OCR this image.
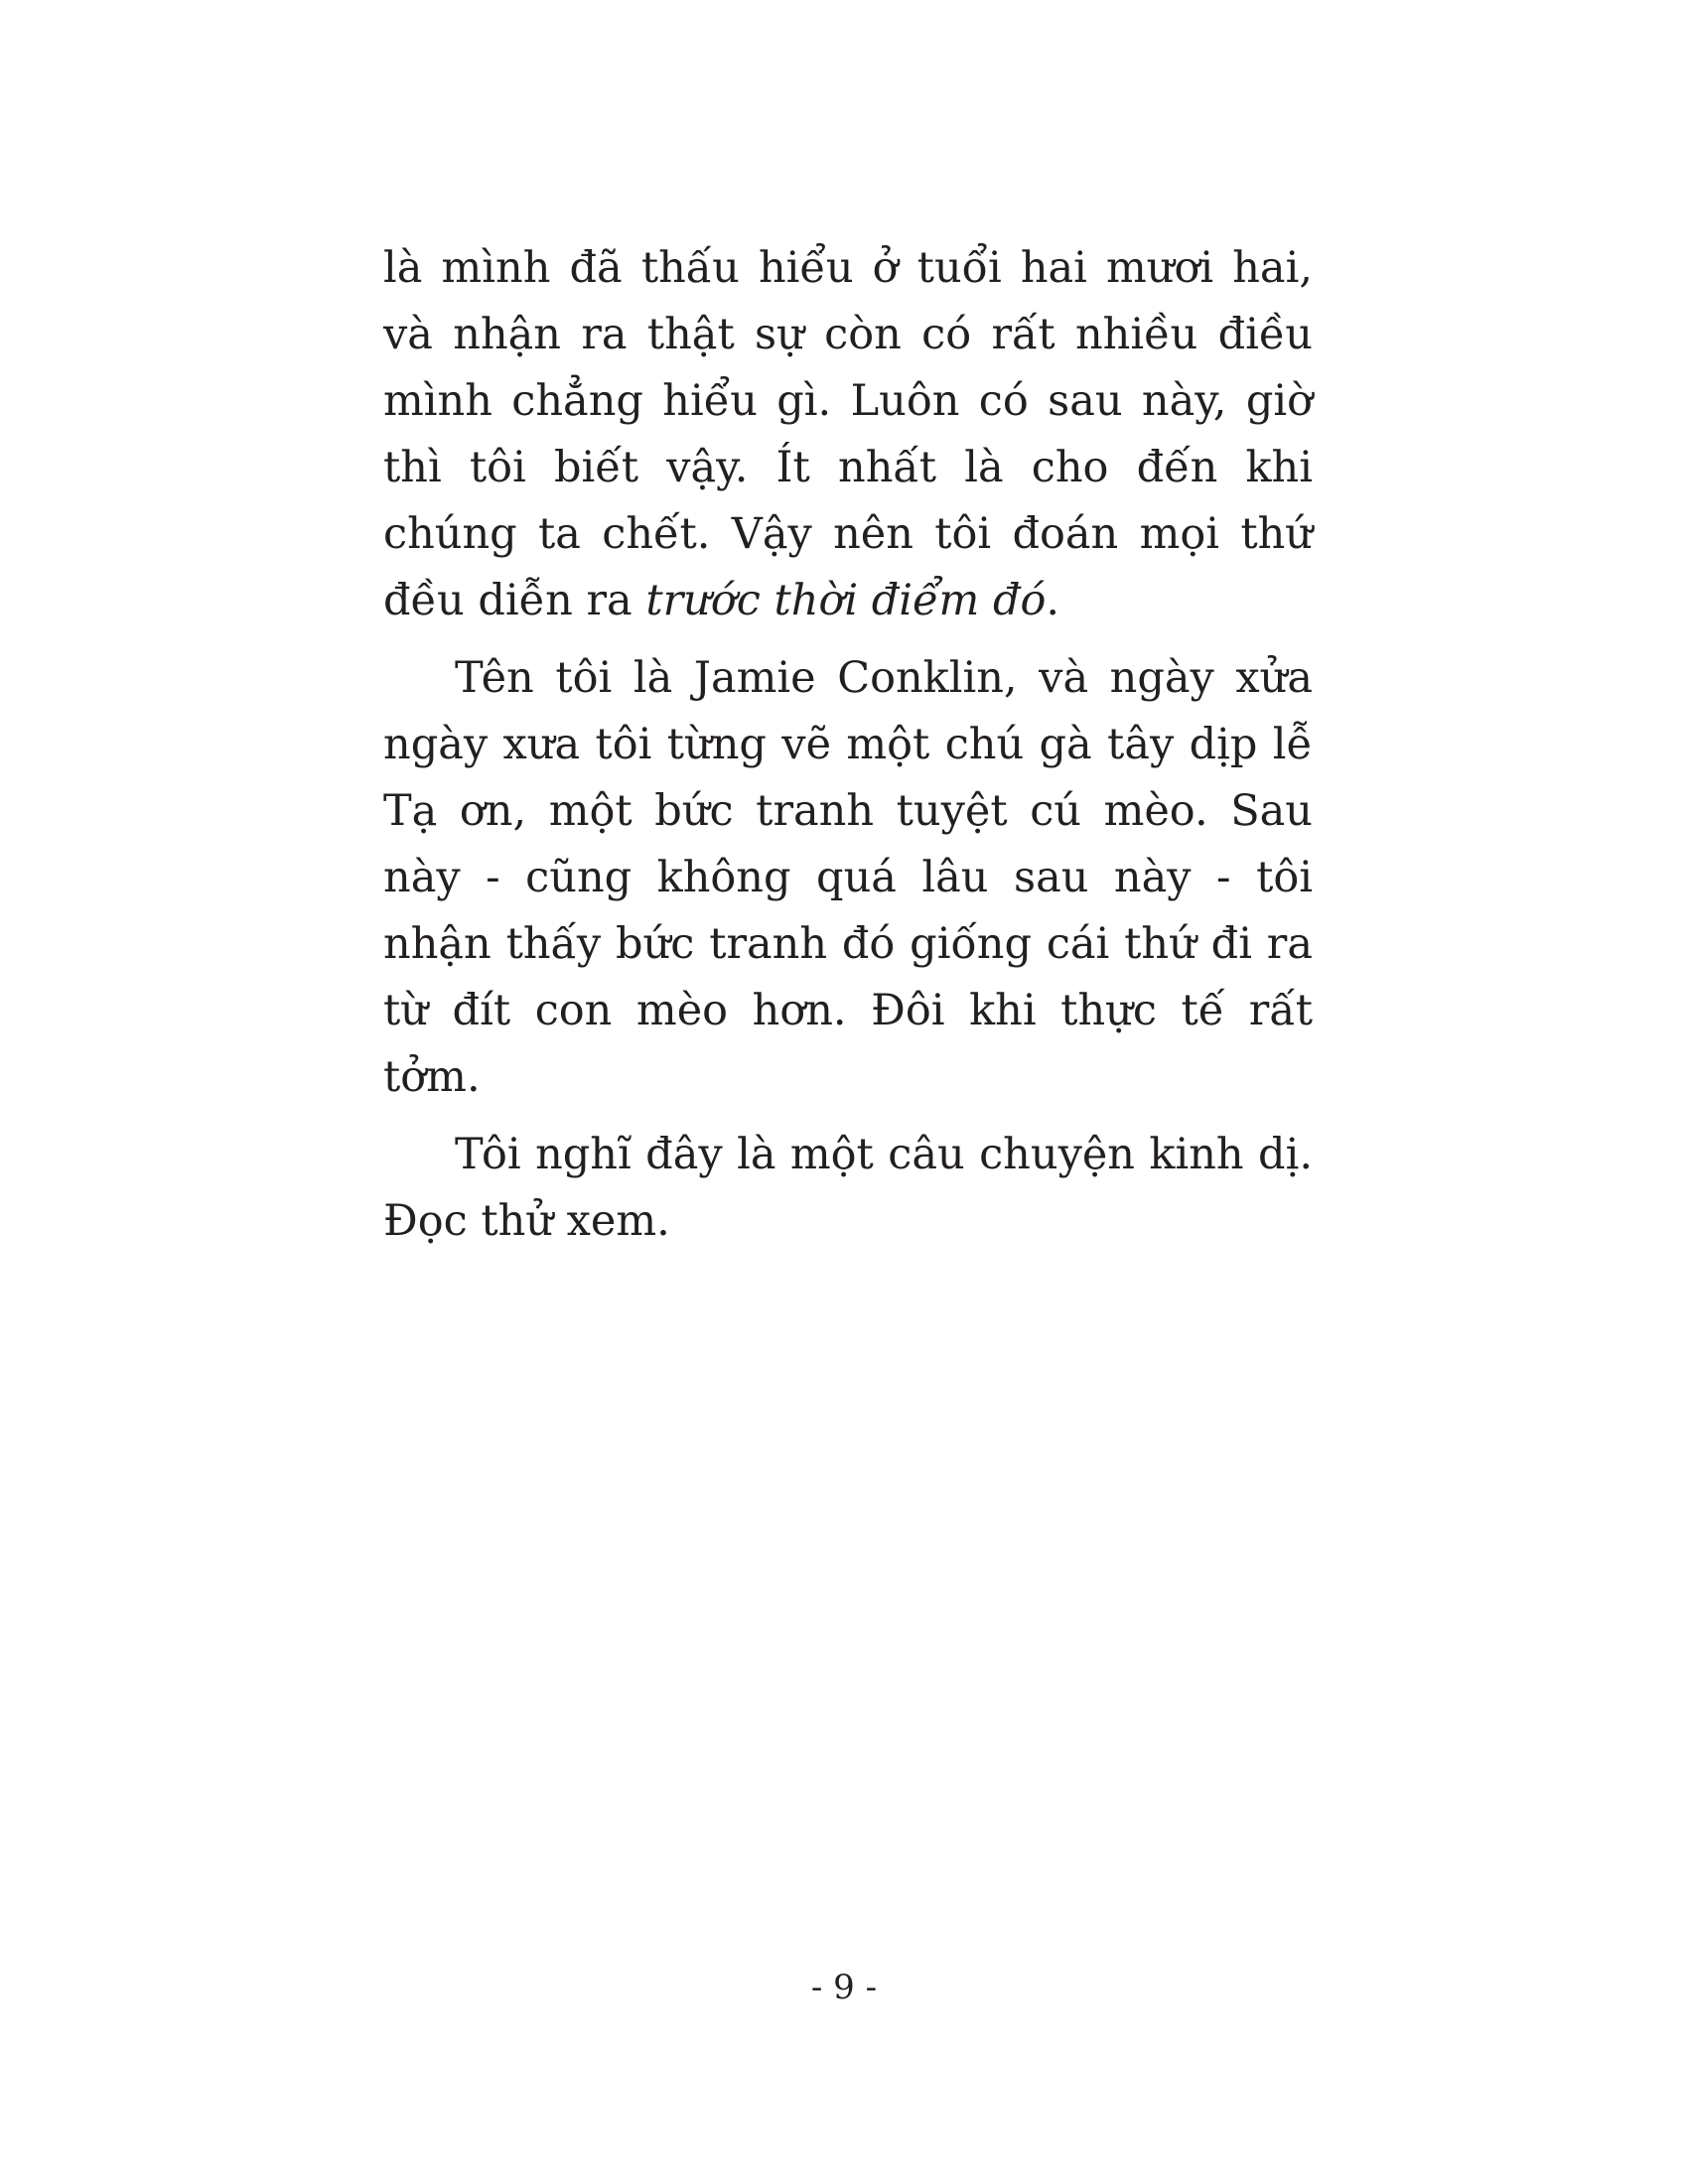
là mình đã thấu hiểu ở tuổi hai mươi hai, và nhận ra thật sự còn có rất nhiều điều mình chẳng hiểu gì. Luôn có sau này, giờ thì tôi biết vậy. Ít nhất là cho đến khi chúng ta chết. Vậy nên tôi đoán mọi thứ đều diễn ra trước thời điểm đó.

Tên tôi là Jamie Conklin, và ngày xửa ngày xưa tôi từng vẽ một chú gà tây dịp lễ Tạ ơn, một bức tranh tuyệt cú mèo. Sau này - cũng không quá lâu sau này - tôi nhận thấy bức tranh đó giống cái thứ đi ra từ đít con mèo hơn. Đôi khi thực tế rất tởm.

Tôi nghĩ đây là một câu chuyện kinh dị. Đọc thử xem.

- 9 -
